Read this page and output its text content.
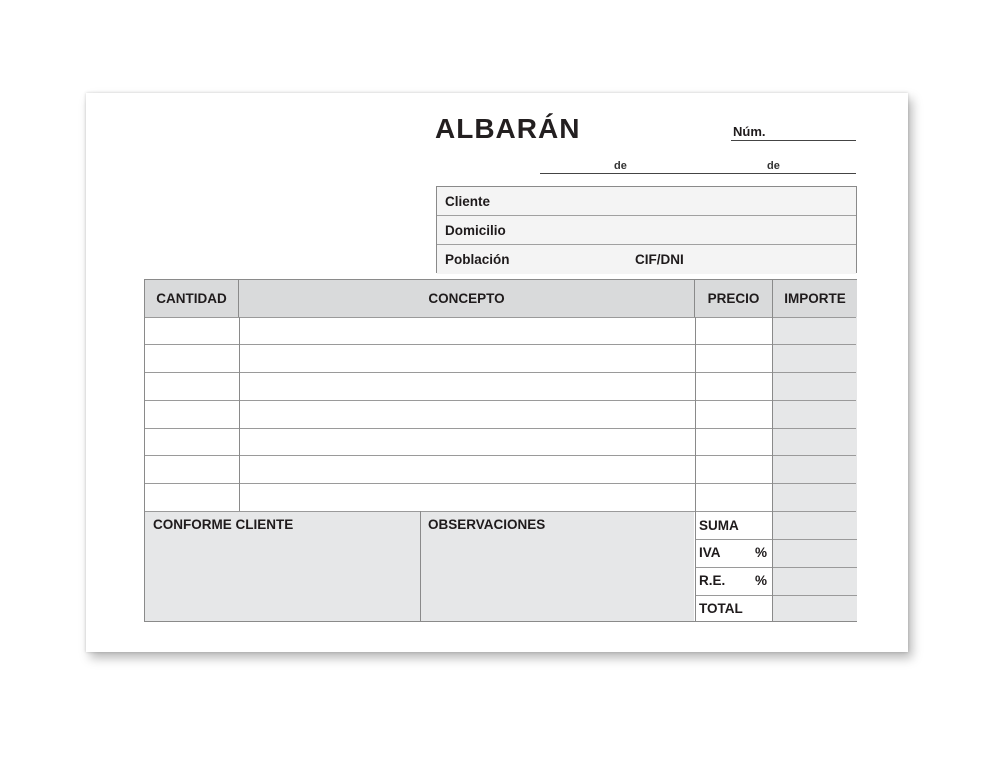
ALBARÁN	Núm.
de	de
Cliente
Domicilio
Población	CIF/DNI
CANTIDAD	CONCEPTO	PRECIO	IMPORTE
CONFORME CLIENTE	OBSERVACIONES	SUMA
IVA	%
R.E. %
TOTAL
